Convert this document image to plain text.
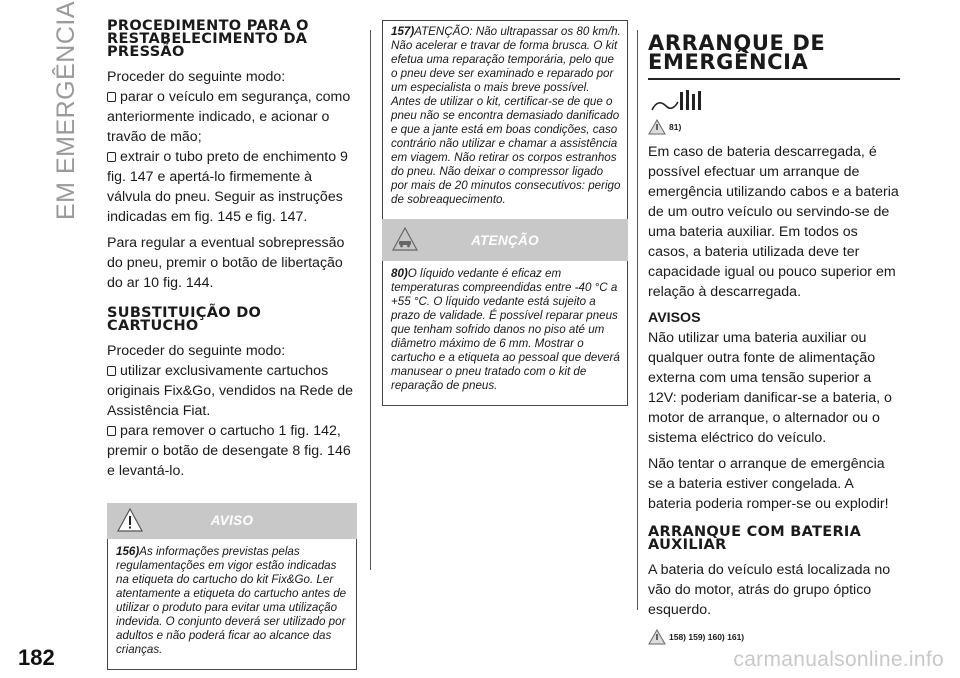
EM EMERGÊNCIA PROCEDIMENTO PARA O RESTABELECIMENTO DA PRESSÃO
Proceder do seguinte modo:
parar o veículo em segurança, como anteriormente indicado, e acionar o travão de mão;
extrair o tubo preto de enchimento 9 fig. 147 e apertá-lo firmemente à válvula do pneu. Seguir as instruções indicadas em fig. 145 e fig. 147.
Para regular a eventual sobrepressão do pneu, premir o botão de libertação do ar 10 fig. 144.
SUBSTITUIÇÃO DO CARTUCHO
Proceder do seguinte modo:
utilizar exclusivamente cartuchos originais Fix&Go, vendidos na Rede de Assistência Fiat.
para remover o cartucho 1 fig. 142, premir o botão de desengate 8 fig. 146 e levantá-lo.
AVISO

156)As informações previstas pelas regulamentações em vigor estão indicadas na etiqueta do cartucho do kit Fix&Go. Ler atentamente a etiqueta do cartucho antes de utilizar o produto para evitar uma utilização indevida. O conjunto deverá ser utilizado por adultos e não poderá ficar ao alcance das crianças.

157)ATENÇÃO: Não ultrapassar os 80 km/h. Não acelerar e travar de forma brusca. O kit efetua uma reparação temporária, pelo que o pneu deve ser examinado e reparado por um especialista o mais breve possível. Antes de utilizar o kit, certificar-se de que o pneu não se encontra demasiado danificado e que a jante está em boas condições, caso contrário não utilizar e chamar a assistência em viagem. Não retirar os corpos estranhos do pneu. Não deixar o compressor ligado por mais de 20 minutos consecutivos: perigo de sobreaquecimento.

ATENÇÃO

80)O líquido vedante é eficaz em temperaturas compreendidas entre -40 °C a +55 °C. O líquido vedante está sujeito a prazo de validade. É possível reparar pneus que tenham sofrido danos no piso até um diâmetro máximo de 6 mm. Mostrar o cartucho e a etiqueta ao pessoal que deverá manusear o pneu tratado com o kit de reparação de pneus.

ARRANQUE DE EMERGÊNCIA
81)
Em caso de bateria descarregada, é possível efectuar um arranque de emergência utilizando cabos e a bateria de um outro veículo ou servindo-se de uma bateria auxiliar. Em todos os casos, a bateria utilizada deve ter capacidade igual ou pouco superior em relação à descarregada.
AVISOS
Não utilizar uma bateria auxiliar ou qualquer outra fonte de alimentação externa com uma tensão superior a 12V: poderiam danificar-se a bateria, o motor de arranque, o alternador ou o sistema eléctrico do veículo.
Não tentar o arranque de emergência se a bateria estiver congelada. A bateria poderia romper-se ou explodir!
ARRANQUE COM BATERIA AUXILIAR
A bateria do veículo está localizada no vão do motor, atrás do grupo óptico esquerdo.
158) 159) 160) 161)
182	carmanualsonline.info
